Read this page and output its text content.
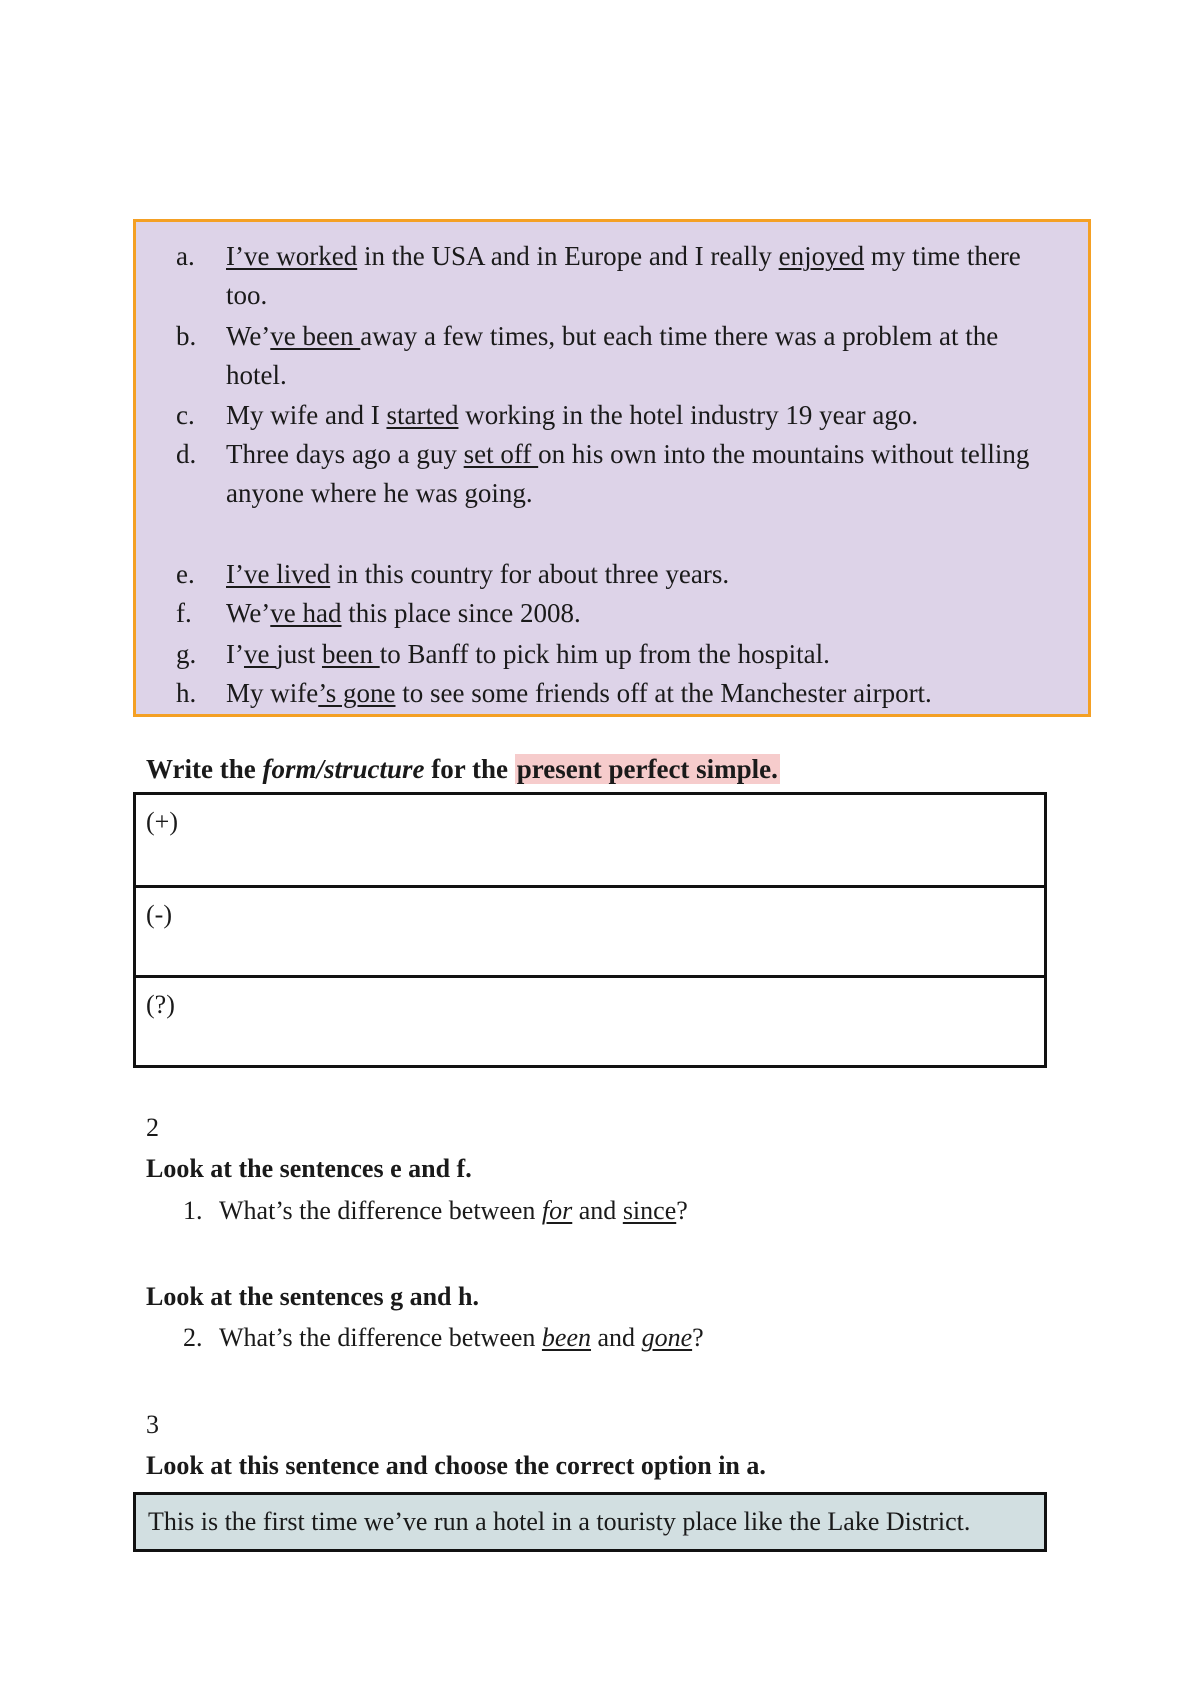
a.	I’ve worked in the USA and in Europe and I really enjoyed my time there too.
b.	We’ve been away a few times, but each time there was a problem at the hotel.
c.	My wife and I started working in the hotel industry 19 year ago.
d.	Three days ago a guy set off on his own into the mountains without telling anyone where he was going.
e.	I’ve lived in this country for about three years.
f.	We’ve had this place since 2008.
g.	I’ve just been to Banff to pick him up from the hospital.
h.	My wife’s gone to see some friends off at the Manchester airport.
Write the form/structure for the present perfect simple.
(+)
(-)
(?)
2
Look at the sentences e and f.
1. What’s the difference between for and since?
Look at the sentences g and h.
2. What’s the difference between been and gone?
3
Look at this sentence and choose the correct option in a.
This is the first time we’ve run a hotel in a touristy place like the Lake District.
